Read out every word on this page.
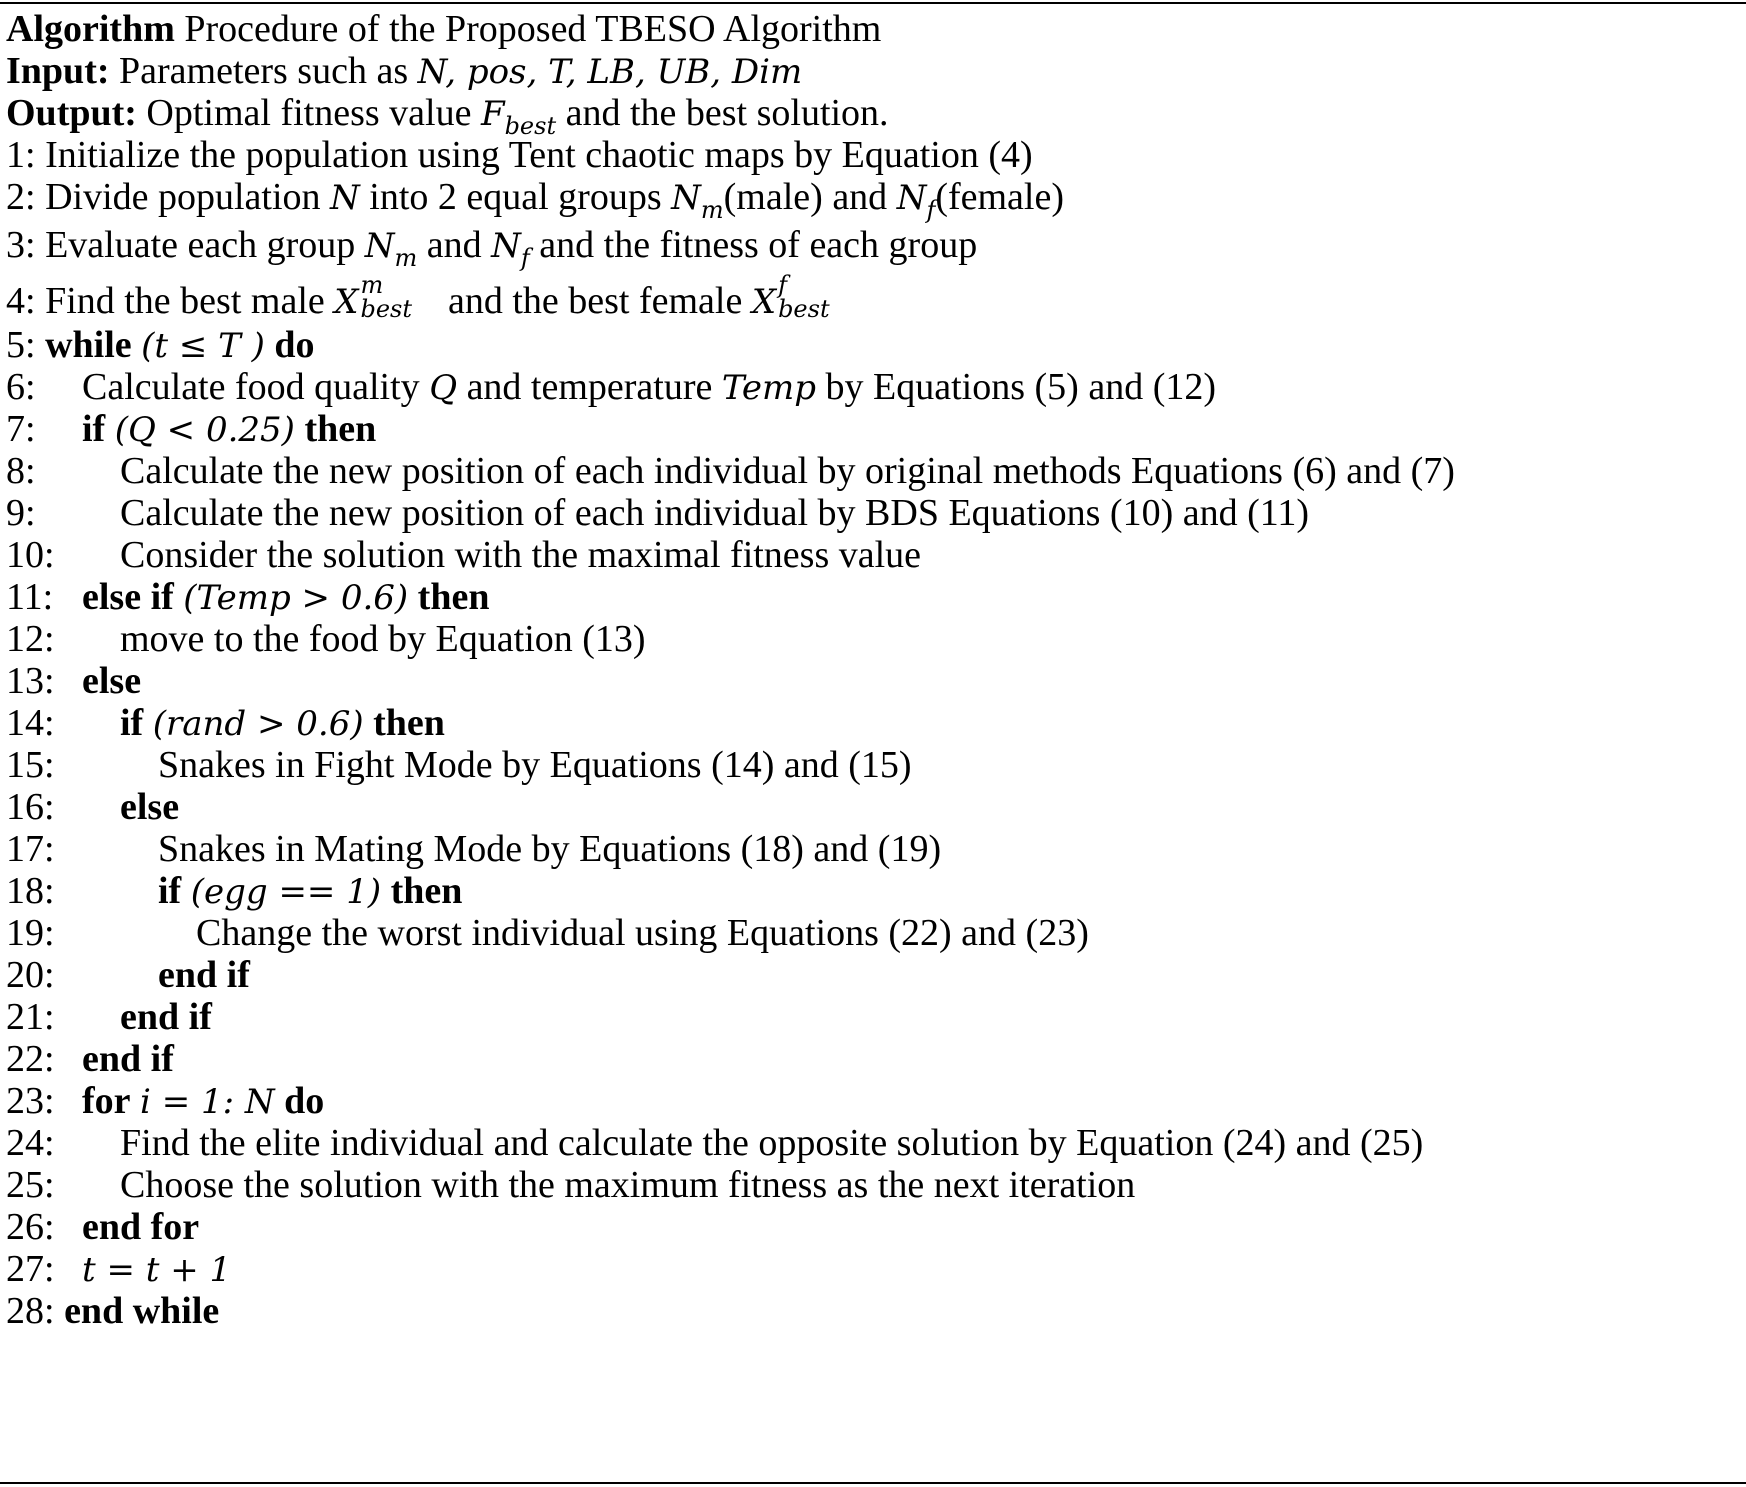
Algorithm Procedure of the Proposed TBESO Algorithm
Input: Parameters such as N, pos, T, LB, UB, Dim
Output: Optimal fitness value $F_{best}$ and the best solution.
1: Initialize the population using Tent chaotic maps by Equation (4)
2: Divide population N into 2 equal groups $N_m(male)$ and $N_f(female)$
3: Evaluate each group $N_m$ and $N_f$ and the fitness of each group
4: Find the best male X m
best and the best female X f
best
5: while (t ≤ T ) do
6: Calculate food quality Q and temperature Temp by Equations (5) and (12)
7: if (Q < 0.25) then
8: Calculate the new position of each individual by original methods Equations (6) and (7)
9: Calculate the new position of each individual by BDS Equations (10) and (11)
10: Consider the solution with the maximal fitness value
11: else if (Temp > 0.6) then
12: move to the food by Equation (13)
13: else
14: if (rand > 0.6) then
15:	Snakes in Fight Mode by Equations (14) and (15)
16: else
17:	Snakes in Mating Mode by Equations (18) and (19)
18:	if (egg == 1) then
19:	Change the worst individual using Equations (22) and (23)
20:	end if
21: end if
22: end if
23: for i = 1: N do
24: Find the elite individual and calculate the opposite solution by Equation (24) and (25)
25: Choose the solution with the maximum fitness as the next iteration
26: end for
27: t = t + 1
28: end while
